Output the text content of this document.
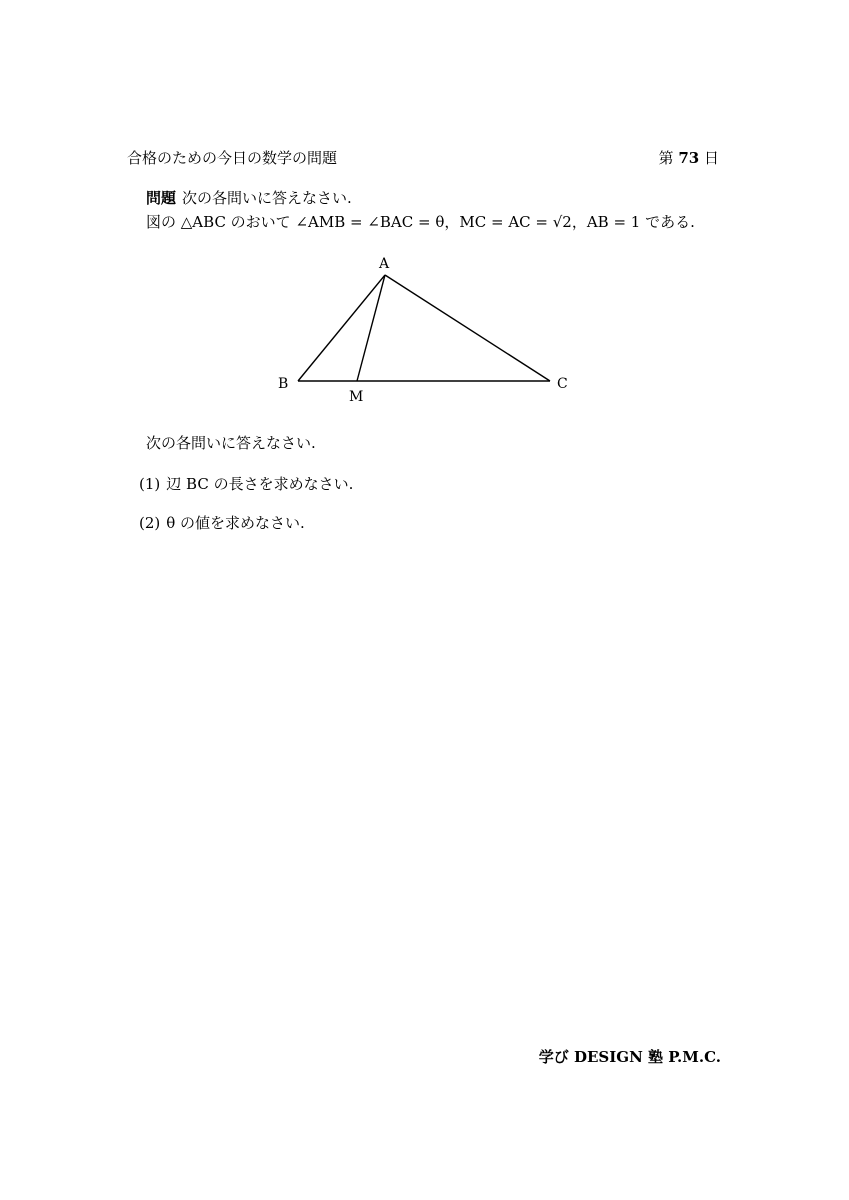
合格のための今日の数学の問題	第 73 日
問題 次の各問いに答えなさい.
図の △ABC のおいて ∠AMB = ∠BAC = θ，MC = AC = √2，AB = 1 である.
A
B	C
M
次の各問いに答えなさい.
(1) 辺 BC の長さを求めなさい.
(2) θ の値を求めなさい.
学び DESIGN 塾 P.M.C.
